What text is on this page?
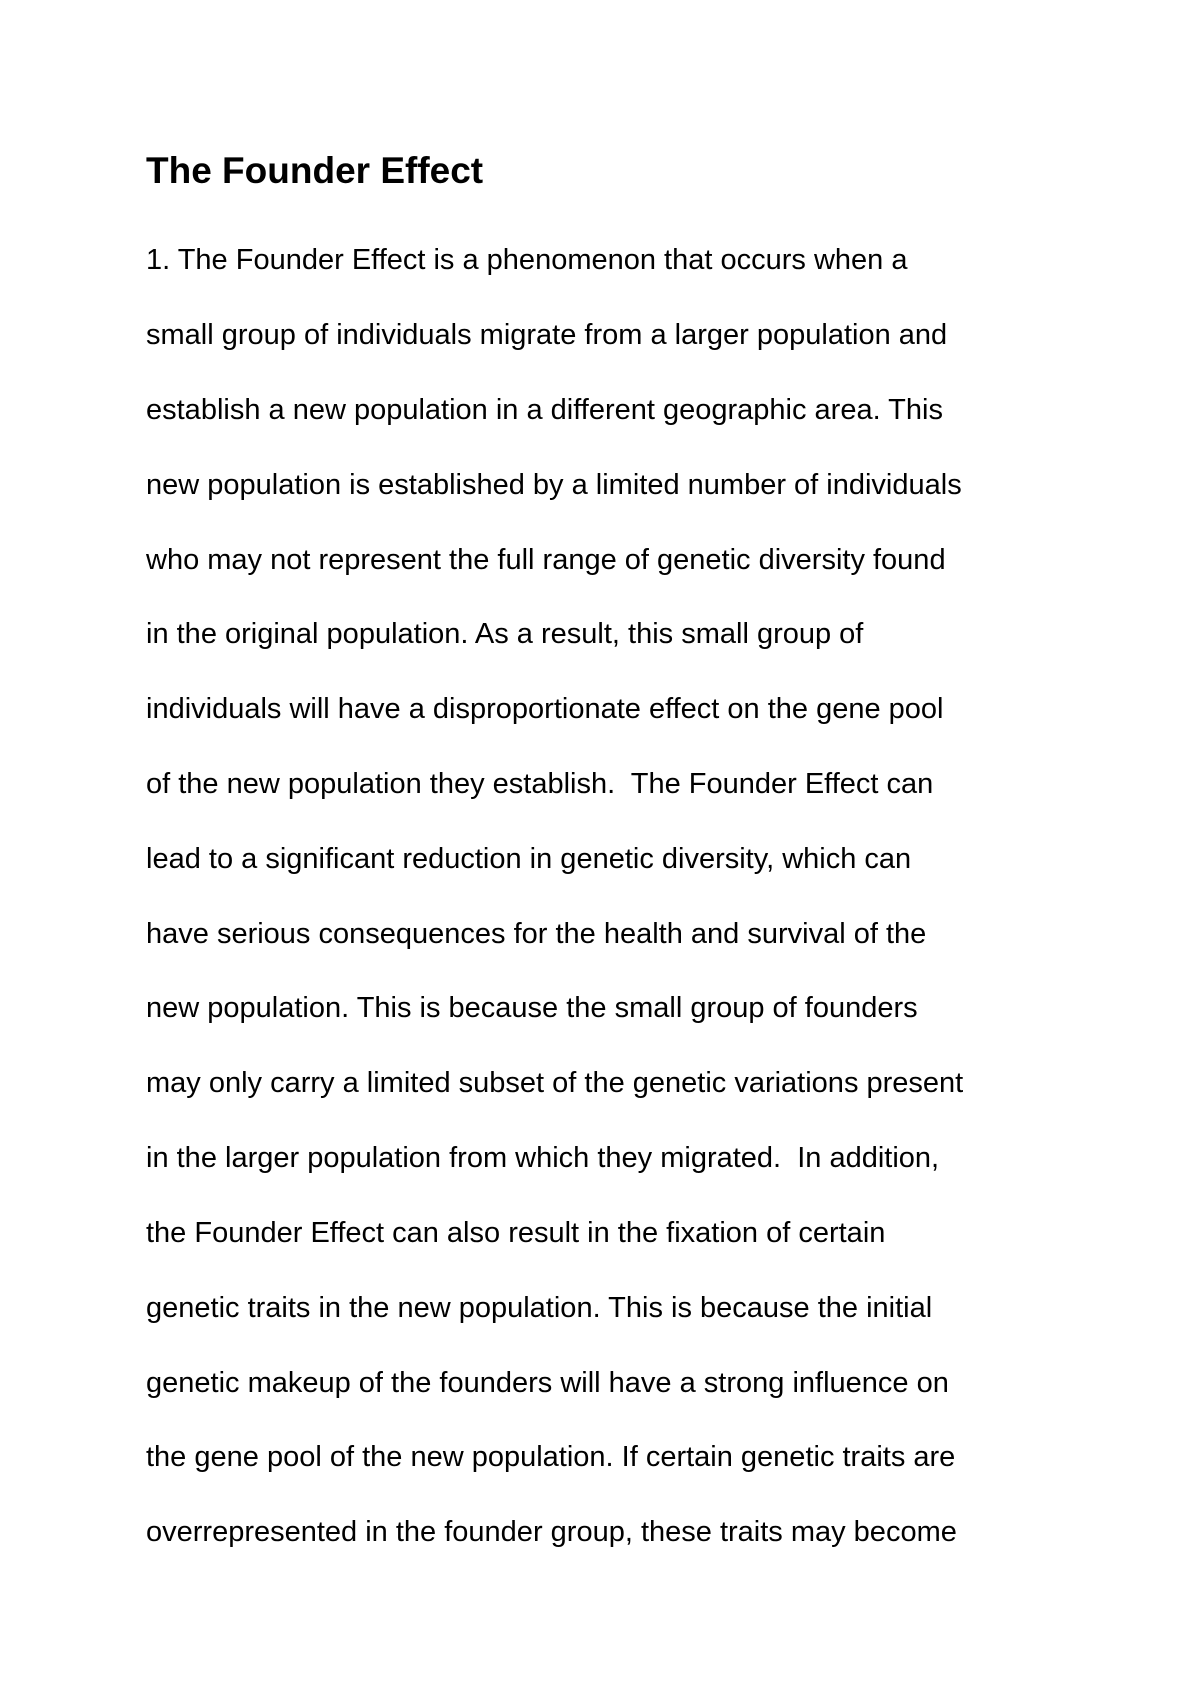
The Founder Effect
1. The Founder Effect is a phenomenon that occurs when a
small group of individuals migrate from a larger population and
establish a new population in a different geographic area. This
new population is established by a limited number of individuals
who may not represent the full range of genetic diversity found
in the original population. As a result, this small group of
individuals will have a disproportionate effect on the gene pool
of the new population they establish.  The Founder Effect can
lead to a significant reduction in genetic diversity, which can
have serious consequences for the health and survival of the
new population. This is because the small group of founders
may only carry a limited subset of the genetic variations present
in the larger population from which they migrated.  In addition,
the Founder Effect can also result in the fixation of certain
genetic traits in the new population. This is because the initial
genetic makeup of the founders will have a strong influence on
the gene pool of the new population. If certain genetic traits are
overrepresented in the founder group, these traits may become
